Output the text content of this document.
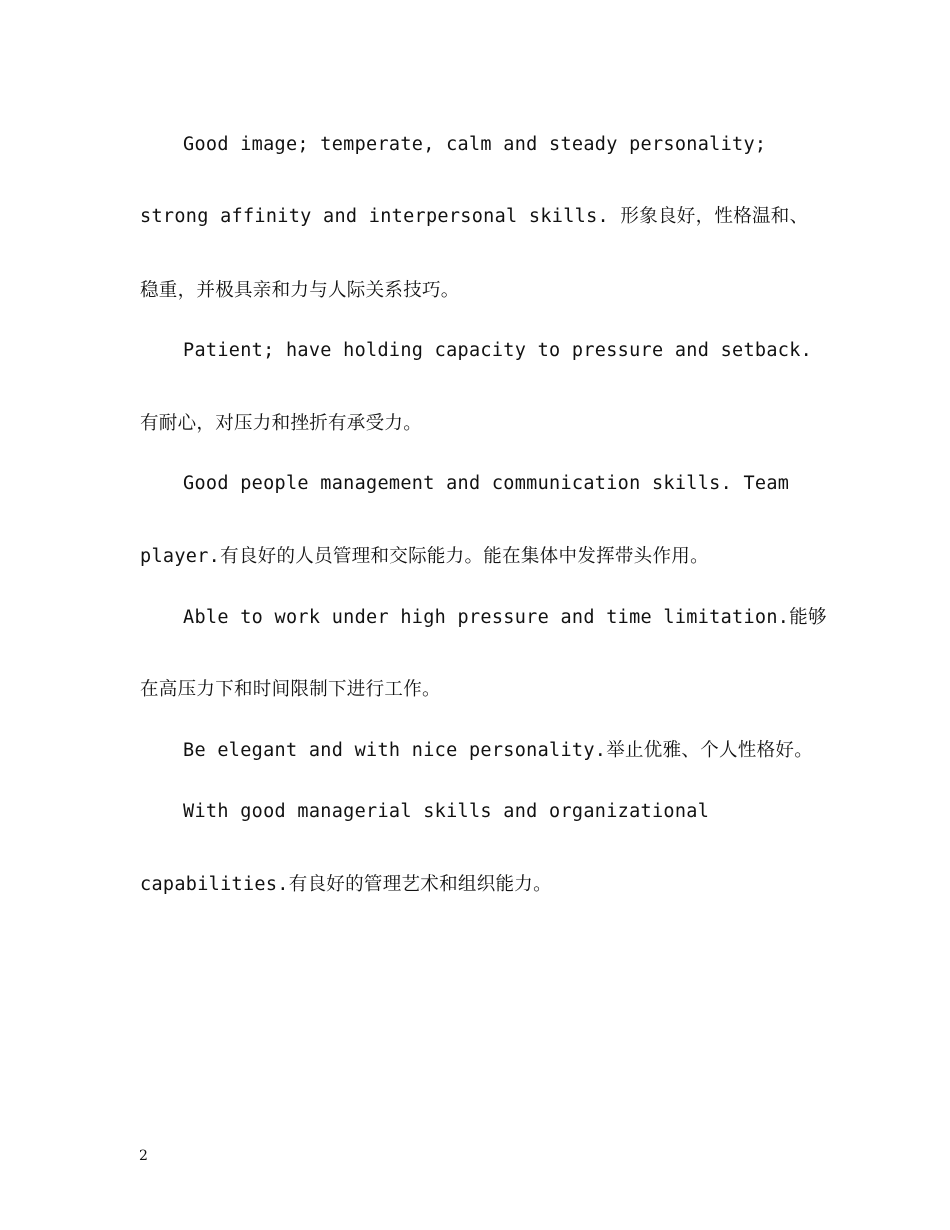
Good image; temperate, calm and steady personality;
strong affinity and interpersonal skills. 形象良好，性格温和、
稳重，并极具亲和力与人际关系技巧。
Patient; have holding capacity to pressure and setback.
有耐心，对压力和挫折有承受力。
Good people management and communication skills. Team
player.有良好的人员管理和交际能力。能在集体中发挥带头作用。
Able to work under high pressure and time limitation.能够
在高压力下和时间限制下进行工作。
Be elegant and with nice personality.举止优雅、个人性格好。
With good managerial skills and organizational
capabilities.有良好的管理艺术和组织能力。
2
